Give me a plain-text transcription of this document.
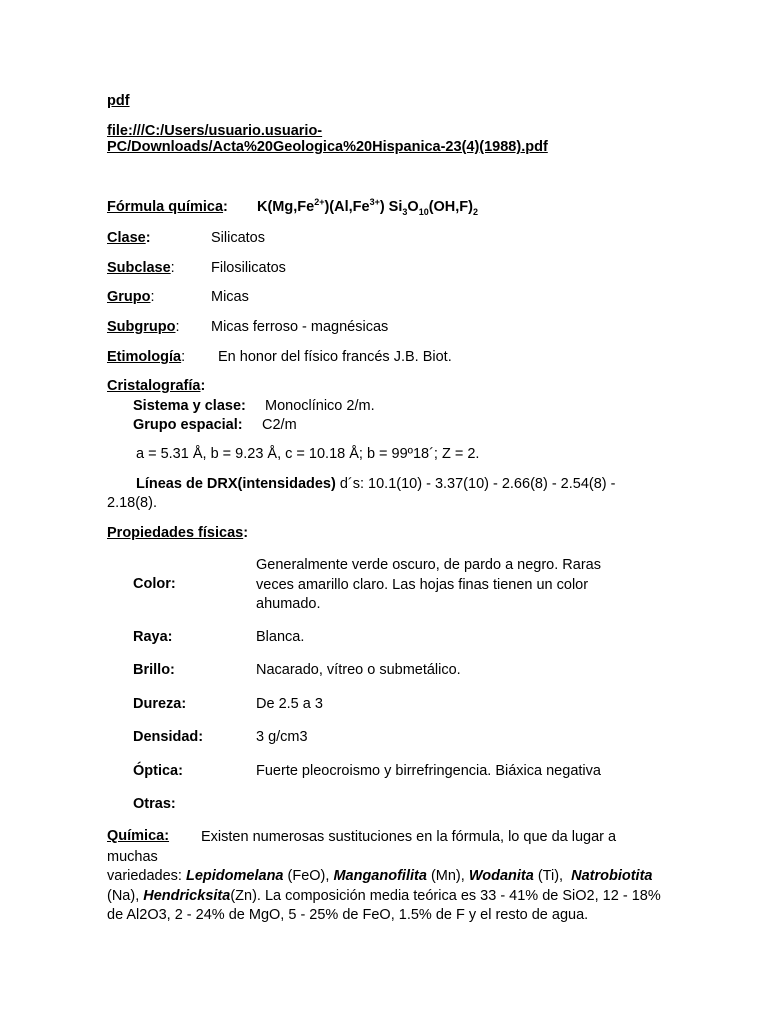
pdf
file:///C:/Users/usuario.usuario-
PC/Downloads/Acta%20Geologica%20Hispanica-23(4)(1988).pdf
Fórmula química: $K(Mg,Fe^{2+})(Al,Fe^{3+})$ $Si_3O_{10}(OH,F)_2$
Clase:	Silicatos
Subclase:	Filosilicatos
Grupo:	Micas
Subgrupo: Micas ferroso - magnésicas
Etimología: En honor del físico francés J.B. Biot.
Cristalografía:
Sistema y clase: Monoclínico 2/m.
Grupo espacial: C2/m
a = 5.31 Å, b = 9.23 Å, c = 10.18 Å; b = 99º18´; Z = 2.
Líneas de DRX(intensidades) d´s: 10.1(10) - 3.37(10) - 2.66(8) - 2.54(8) -
2.18(8).
Propiedades físicas:
Color:
Generalmente verde oscuro, de pardo a negro. Raras veces amarillo claro. Las hojas finas tienen un color ahumado.
Raya:	Blanca.
Brillo:	Nacarado, vítreo o submetálico.
Dureza:	De 2.5 a 3
Densidad:	3 g/cm3
Óptica:	Fuerte pleocroismo y birrefringencia. Biáxica negativa
Otras:
Química:	Existen numerosas sustituciones en la fórmula, lo que da lugar a muchas
variedades: Lepidomelana (FeO), Manganofilita (Mn), Wodanita (Ti),  Natrobiotita (Na), Hendricksita(Zn). La composición media teórica es 33 - 41% de SiO2, 12 - 18% de Al2O3, 2 - 24% de MgO, 5 - 25% de FeO, 1.5% de F y el resto de agua.
